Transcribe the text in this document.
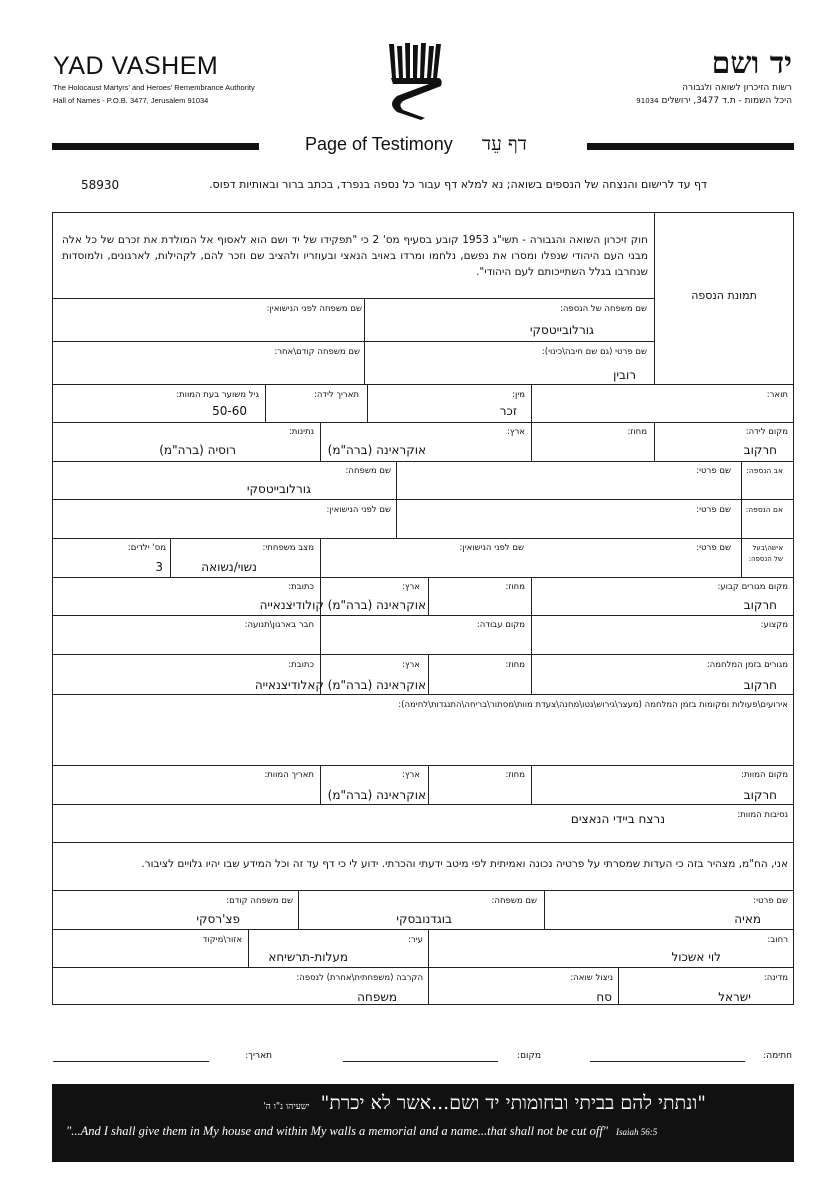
YAD VASHEM
The Holocaust Martyrs' and Heroes' Remembrance Authority
Hall of Names - P.O.B. 3477, Jerusalem 91034
יד ושם
רשות הזיכרון לשואה ולגבורה
היכל השמות - ת.ד 3477, ירושלים 91034
Page of Testimony דף עֵד
דף עד לרישום והנצחה של הנספים בשואה; נא למלא דף עבור כל נספה בנפרד, בכתב ברור ובאותיות דפוס.
58930
תמונת הנספה
חוק זיכרון השואה והגבורה - תשי"ג 1953 קובע בסעיף מס' 2 כי "תפקידו של יד ושם הוא לאסוף אל המולדת את זכרם של כל אלה מבני העם היהודי שנפלו ומסרו את נפשם, נלחמו ומרדו באויב הנאצי ובעוזריו ולהציב שם וזכר להם, לקהילות, לארגונים, ולמוסדות שנחרבו בגלל השתייכותם לעם היהודי".
שם משפחה של הנספה:
גורלובייטסקי
שם משפחה לפני הנישואין:
שם פרטי (גם שם חיבה\כינוי):
רובין
שם משפחה קודם\אחר:
תואר:
מין:
זכר
תאריך לידה:
גיל משוער בעת המוות:
50-60
מקום לידה:
חרקוב
מחוז:
ארץ:
אוקראינה (ברה"מ)
נתינות:
רוסיה (ברה"מ)
אב הנספה:
שם פרטי:
שם משפחה:
גורלובייטסקי
אם הנספה:
שם פרטי:
שם לפני הנישואין:
אישה\בעל
של הנספה:
שם פרטי:
שם לפני הנישואין:
מצב משפחתי:
נשוי/נשואה
מס' ילדים:
3
מקום מגורים קבוע:
חרקוב
מחוז:
ארץ:
כתובת:
אוקראינה (ברה"מ) קולודיצנאייה
מקצוע:
מקום עבודה:
חבר בארגון\תנועה:
מגורים בזמן המלחמה:
חרקוב
מחוז:
ארץ:
כתובת:
אוקראינה (ברה"מ) קאלודיצנאייה
אירועים\פעולות ומקומות בזמן המלחמה (מעצר\גירוש\גטו\מחנה\צעדת מוות\מסתור\בריחה\התנגדות\לחימה):
מקום המוות:
חרקוב
מחוז:
ארץ:
תאריך המוות:
אוקראינה (ברה"מ)
נסיבות המוות:
נרצח ביידי הנאצים
אני, הח"מ, מצהיר בזה כי העדות שמסרתי על פרטיה נכונה ואמיתית לפי מיטב ידעתי והכרתי. ידוע לי כי דף עד זה וכל המידע שבו יהיו גלויים לציבור.
שם פרטי:
מאיה
שם משפחה:
בוגדנובסקי
שם משפחה קודם:
פצ'רסקי
רחוב:
לוי אשכול
עיר:
מעלות-תרשיחא
אזור\מיקוד
מדינה:
ישראל
ניצול שואה:
סח
הקרבה (משפחתית\אחרת) לנספה:
משפחה
חתימה:
מקום:
תאריך:
"ונתתי להם בביתי ובחומותי יד ושם...אשר לא יכרת" ישעיהו נ"ו ה'
"...And I shall give them in My house and within My walls a memorial and a name...that shall not be cut off" Isaiah 56:5
